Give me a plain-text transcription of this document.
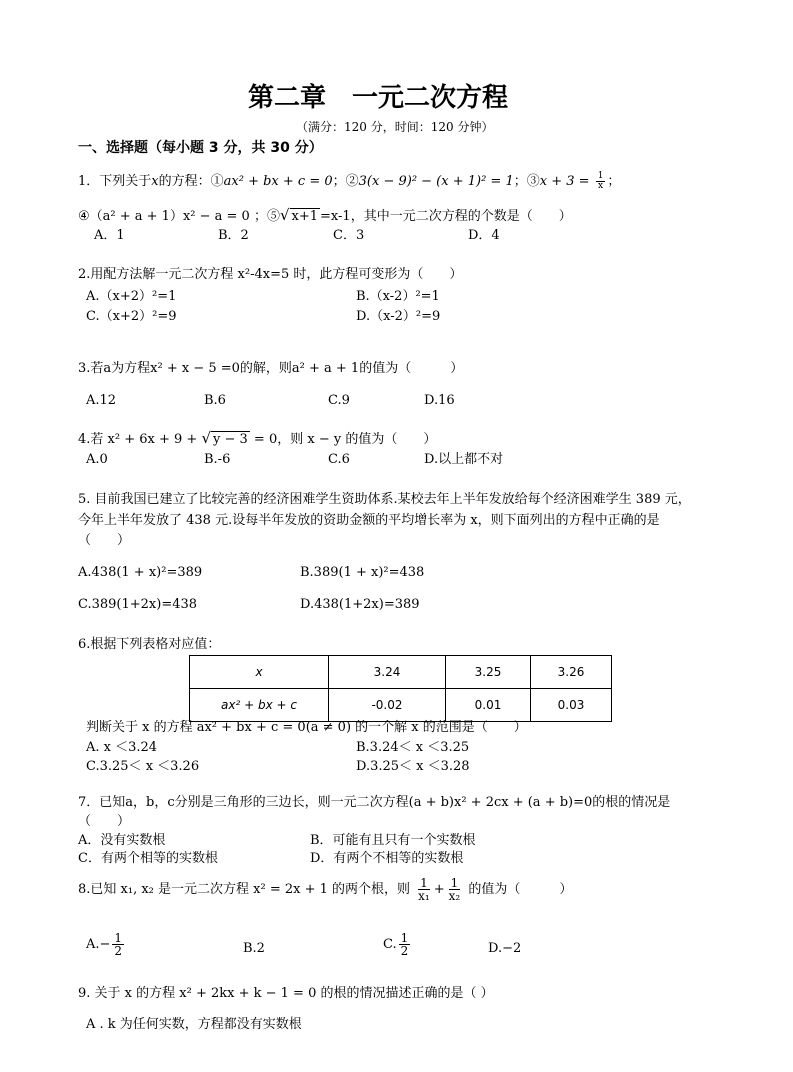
第二章　一元二次方程
（满分：120 分，时间：120 分钟）
一、选择题（每小题 3 分，共 30 分）
1．下列关于x的方程：①ax² + bx + c = 0；②3(x − 9)² − (x + 1)² = 1；③x + $3 = \frac{1}{x}$ ；
④（a² + a + 1）x² − a = 0 ；⑤√ x+1 =x-1，其中一元二次方程的个数是（　　）
A．1	B．2	C．3	D．4
2.用配方法解一元二次方程 x²-4x=5 时，此方程可变形为（　　）
A.（x+2）²=1	B.（x-2）²=1
C.（x+2）²=9	D.（x-2）²=9
3.若a为方程x² + x − 5 =0的解，则a² + a + 1的值为（　　　）
A.12	B.6	C.9	D.16
4.若 x² + 6x + 9 + √ y − 3 = 0，则 x − y 的值为（　　）
A.0	B.-6	C.6	D.以上都不对
5. 目前我国已建立了比较完善的经济困难学生资助体系.某校去年上半年发放给每个经济困难学生 389 元，
今年上半年发放了 438 元.设每半年发放的资助金额的平均增长率为 x，则下面列出的方程中正确的是
（　　）
A.438(1 + x)²=389	B.389(1 + x)²=438
C.389(1+2x)=438	D.438(1+2x)=389
6.根据下列表格对应值：
x	3.24	3.25	3.26
ax² + bx + c	-0.02	0.01	0.03
判断关于 x 的方程 ax² + bx + c = 0(a ≠ 0) 的一个解 x 的范围是（　　）
A. x ＜3.24	B.3.24＜ x ＜3.25
C.3.25＜ x ＜3.26	D.3.25＜ x ＜3.28
7．已知a，b，c分别是三角形的三边长，则一元二次方程(a + b)x² + 2cx + (a + b)=0的根的情况是
（　　）
A．没有实数根	B．可能有且只有一个实数根
C．有两个相等的实数根	D．有两个不相等的实数根
8.已知 x₁, x₂ 是一元二次方程 x² = 2x + 1 的两个根，则 $\frac{1}{\text{x₁}} + \frac{1}{\text{x₂}}$ 的值为（　　　）
$A.- \frac{1}{2}$	B.2	C. $\frac{1}{2}$	D.−2
9. 关于 x 的方程 x² + 2kx + k − 1 = 0 的根的情况描述正确的是（ ）
A . k 为任何实数，方程都没有实数根
